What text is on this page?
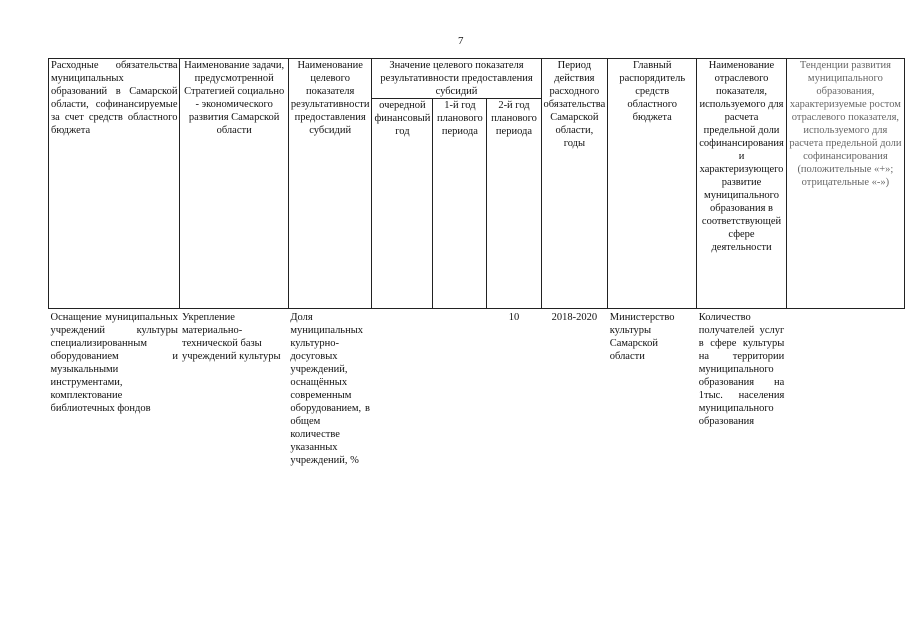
7
Расходные обязательства муниципальных образований в Самарской области, софинансируемые за счет средств областного бюджета	Наименование задачи, предусмотренной Стратегией социально - экономического развития Самарской области	Наименование целевого показателя результативности предоставления субсидий	Значение целевого показателя результативности предоставления субсидий			Период действия расходного обязательства Самарской области, годы	Главный распорядитель средств областного бюджета	Наименование отраслевого показателя, используемого для расчета предельной доли софинансирования и характеризующего развитие муниципального образования в соответствующей сфере деятельности	Тенденции развития муниципального образования, характеризуемые ростом отраслевого показателя, используемого для расчета предельной доли софинансирования (положительные «+»; отрицательные «-»)
			очередной финансовый год	1-й год планового периода	2-й год планового периода				
Оснащение муниципальных учреждений культуры специализированным оборудованием и музыкальными инструментами, комплектование библиотечных фондов	Укрепление материально-технической базы учреждений культуры	Доля муниципальных культурно-досуговых учреждений, оснащённых современным оборудованием, в общем количестве указанных учреждений, %			10	2018-2020	Министерство культуры Самарской области	Количество получателей услуг в сфере культуры на территории муниципального образования на 1тыс. населения муниципального образования	
